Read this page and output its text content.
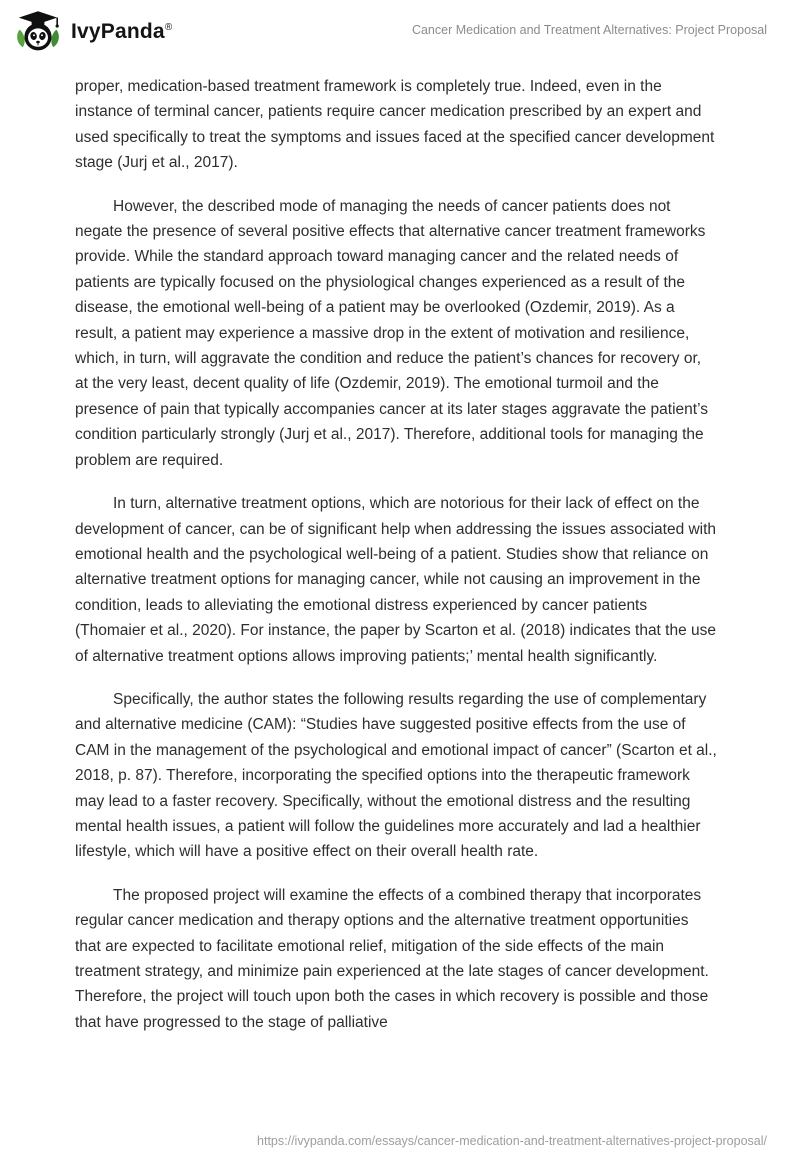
IvyPanda®	Cancer Medication and Treatment Alternatives: Project Proposal

proper, medication-based treatment framework is completely true. Indeed, even in the instance of terminal cancer, patients require cancer medication prescribed by an expert and used specifically to treat the symptoms and issues faced at the specified cancer development stage (Jurj et al., 2017).

However, the described mode of managing the needs of cancer patients does not negate the presence of several positive effects that alternative cancer treatment frameworks provide. While the standard approach toward managing cancer and the related needs of patients are typically focused on the physiological changes experienced as a result of the disease, the emotional well-being of a patient may be overlooked (Ozdemir, 2019). As a result, a patient may experience a massive drop in the extent of motivation and resilience, which, in turn, will aggravate the condition and reduce the patient’s chances for recovery or, at the very least, decent quality of life (Ozdemir, 2019). The emotional turmoil and the presence of pain that typically accompanies cancer at its later stages aggravate the patient’s condition particularly strongly (Jurj et al., 2017). Therefore, additional tools for managing the problem are required.

In turn, alternative treatment options, which are notorious for their lack of effect on the development of cancer, can be of significant help when addressing the issues associated with emotional health and the psychological well-being of a patient. Studies show that reliance on alternative treatment options for managing cancer, while not causing an improvement in the condition, leads to alleviating the emotional distress experienced by cancer patients (Thomaier et al., 2020). For instance, the paper by Scarton et al. (2018) indicates that the use of alternative treatment options allows improving patients;’ mental health significantly.

Specifically, the author states the following results regarding the use of complementary and alternative medicine (CAM): “Studies have suggested positive effects from the use of CAM in the management of the psychological and emotional impact of cancer” (Scarton et al., 2018, p. 87). Therefore, incorporating the specified options into the therapeutic framework may lead to a faster recovery. Specifically, without the emotional distress and the resulting mental health issues, a patient will follow the guidelines more accurately and lad a healthier lifestyle, which will have a positive effect on their overall health rate.

The proposed project will examine the effects of a combined therapy that incorporates regular cancer medication and therapy options and the alternative treatment opportunities that are expected to facilitate emotional relief, mitigation of the side effects of the main treatment strategy, and minimize pain experienced at the late stages of cancer development. Therefore, the project will touch upon both the cases in which recovery is possible and those that have progressed to the stage of palliative

https://ivypanda.com/essays/cancer-medication-and-treatment-alternatives-project-proposal/
